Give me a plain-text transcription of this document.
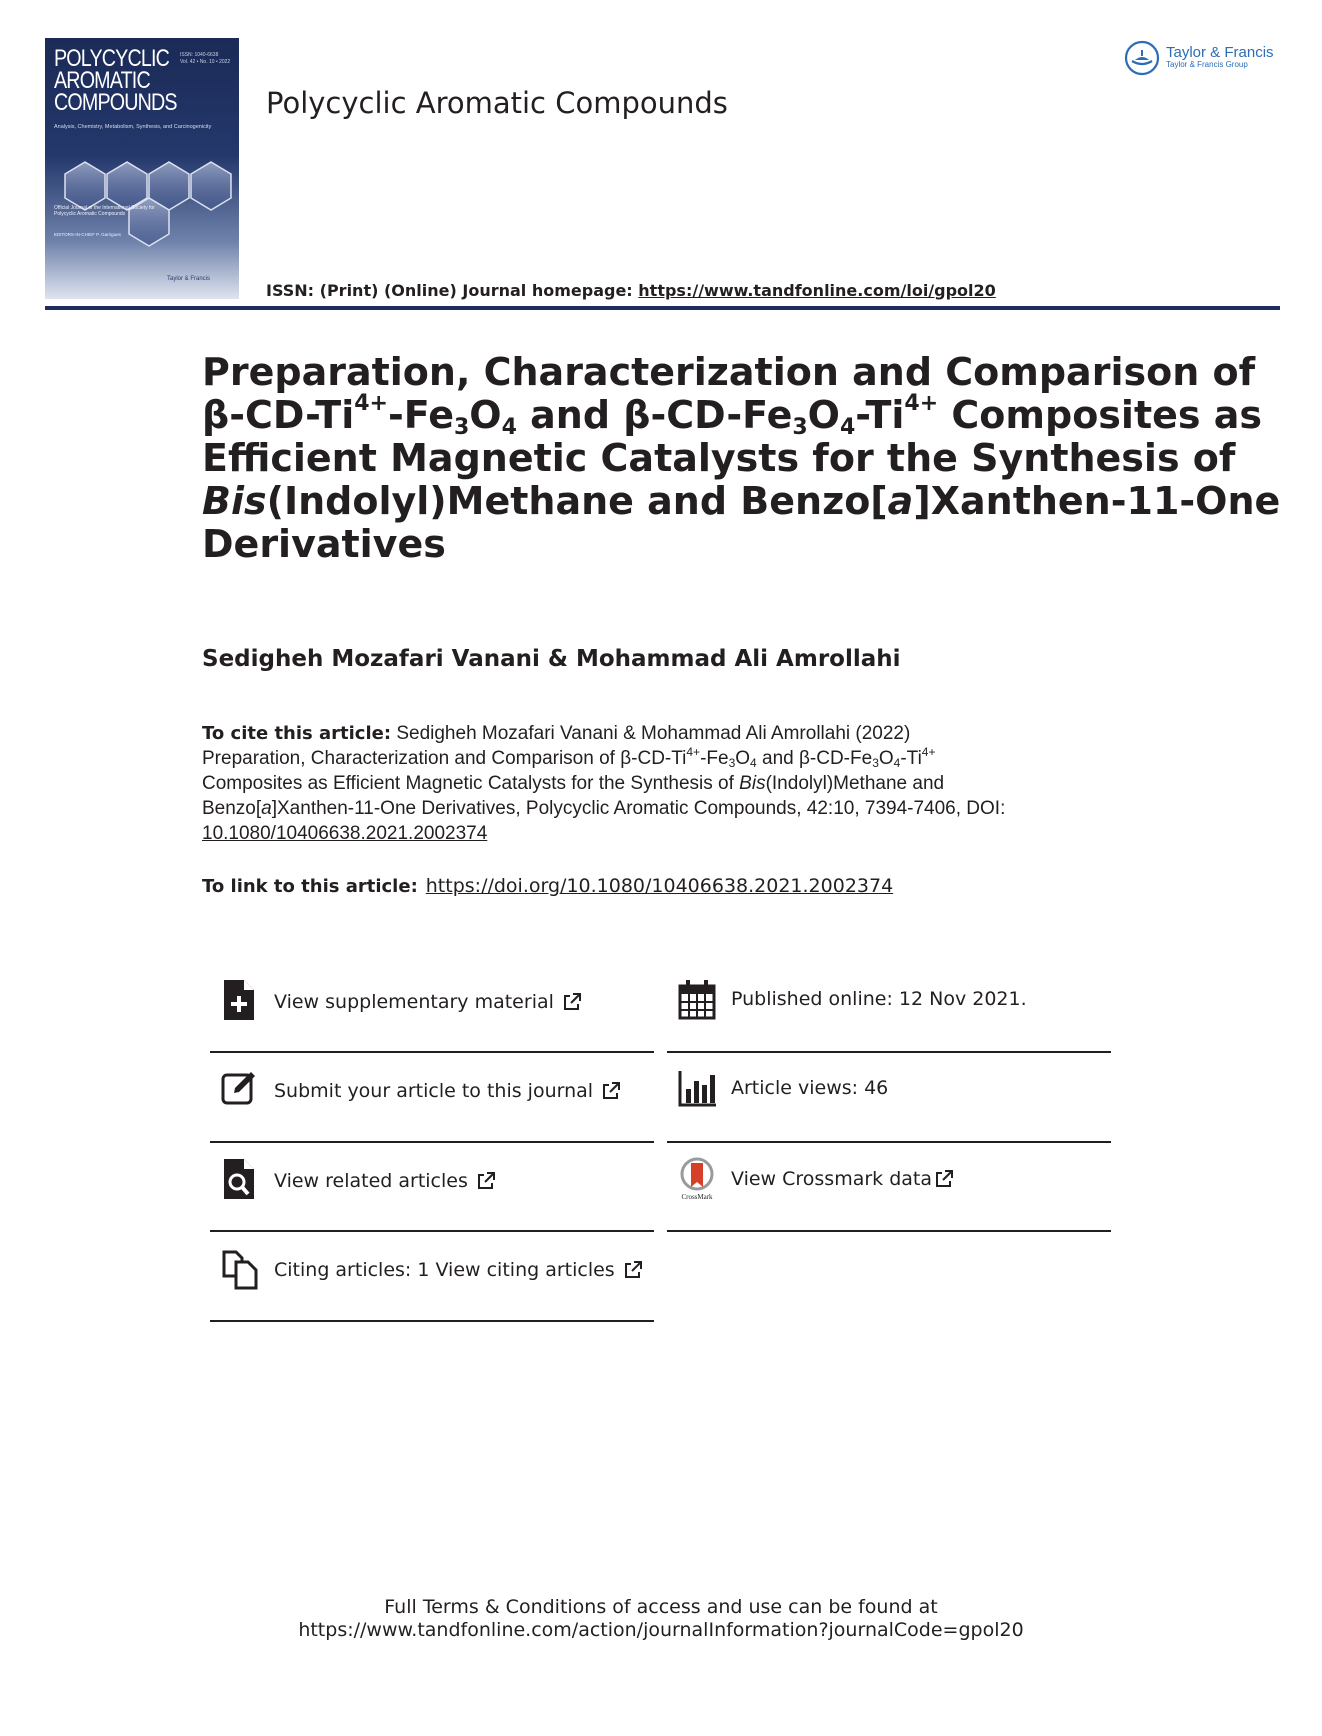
POLYCYCLIC
AROMATIC
COMPOUNDS
ISSN: 1040-6638
Vol. 42 • No. 10 • 2022
Analysis, Chemistry, Metabolism, Synthesis, and Carcinogenicity
Official Journal of the International Society for Polycyclic Aromatic Compounds
EDITORS-IN-CHIEF P. Garrigues
Taylor & Francis
Polycyclic Aromatic Compounds
ISSN: (Print) (Online) Journal homepage: https://www.tandfonline.com/loi/gpol20
Taylor & Francis
Taylor & Francis Group
Preparation, Characterization and Comparison of
$\beta-CD-Ti^{4+}-Fe_3O_4$ and $\beta-CD-Fe_3O_4-Ti^{4+}$ Composites as
Efficient Magnetic Catalysts for the Synthesis of
Bis(Indolyl)Methane and Benzo[a]Xanthen-11-One
Derivatives
Sedigheh Mozafari Vanani & Mohammad Ali Amrollahi
To cite this article: Sedigheh Mozafari Vanani & Mohammad Ali Amrollahi (2022)
Preparation, Characterization and Comparison of $\beta-CD-Ti^{4+}-Fe_3O_4$ and $\beta-CD-Fe_3O_4-Ti^{4+}$
Composites as Efficient Magnetic Catalysts for the Synthesis of Bis(Indolyl)Methane and
Benzo[a]Xanthen-11-One Derivatives, Polycyclic Aromatic Compounds, 42:10, 7394-7406, DOI:
10.1080/10406638.2021.2002374
To link to this article: https://doi.org/10.1080/10406638.2021.2002374
View supplementary material
Submit your article to this journal
View related articles
Citing articles: 1 View citing articles
Published online: 12 Nov 2021.
Article views: 46
CrossMark
View Crossmark data
Full Terms & Conditions of access and use can be found at
https://www.tandfonline.com/action/journalInformation?journalCode=gpol20
